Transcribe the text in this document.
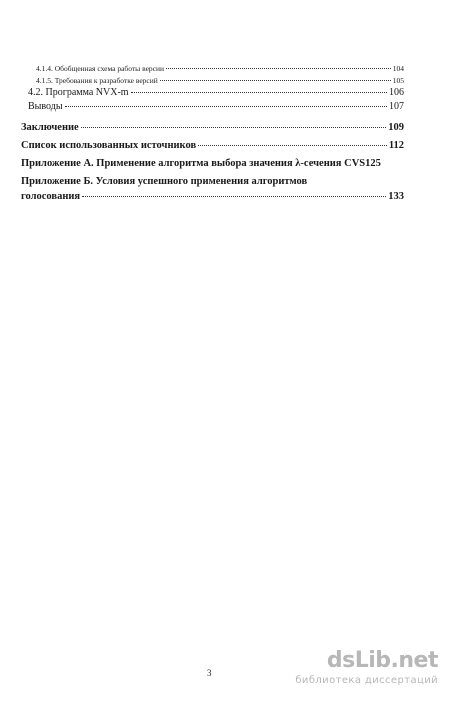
4.1.4. Обобщенная схема работы версии	104
4.1.5. Требования к разработке версий	105
4.2. Программа NVX-m	106
Выводы	107
Заключение	109
Список использованных источников	112
Приложение А. Применение алгоритма выбора значения λ-сечения CVS 125
Приложение Б. Условия успешного применения алгоритмов
голосования	133
3	dsLib.net
библиотека диссертаций
